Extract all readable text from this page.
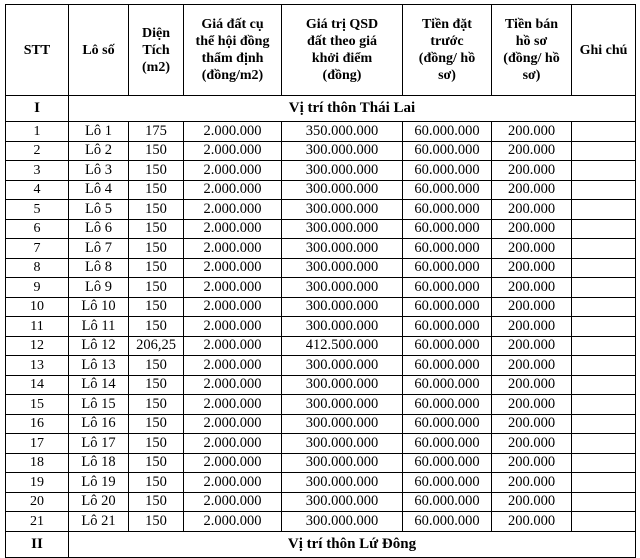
STT	Lô số	Diện
Tích
(m2)	Giá đất cụ
thể hội đồng
thẩm định
(đồng/m2)	Giá trị QSD
đất theo giá
khởi điểm
(đồng)	Tiền đặt
trước
(đồng/ hồ
sơ)	Tiền bán
hồ sơ
(đồng/ hồ
sơ)	Ghi chú

I	Vị trí thôn Thái Lai						
1	Lô 1	175	2.000.000	350.000.000	60.000.000	200.000	
2	Lô 2	150	2.000.000	300.000.000	60.000.000	200.000	
3	Lô 3	150	2.000.000	300.000.000	60.000.000	200.000	
4	Lô 4	150	2.000.000	300.000.000	60.000.000	200.000	
5	Lô 5	150	2.000.000	300.000.000	60.000.000	200.000	
6	Lô 6	150	2.000.000	300.000.000	60.000.000	200.000	
7	Lô 7	150	2.000.000	300.000.000	60.000.000	200.000	
8	Lô 8	150	2.000.000	300.000.000	60.000.000	200.000	
9	Lô 9	150	2.000.000	300.000.000	60.000.000	200.000	
10	Lô 10	150	2.000.000	300.000.000	60.000.000	200.000	
11	Lô 11	150	2.000.000	300.000.000	60.000.000	200.000	
12	Lô 12	206,25	2.000.000	412.500.000	60.000.000	200.000	
13	Lô 13	150	2.000.000	300.000.000	60.000.000	200.000	
14	Lô 14	150	2.000.000	300.000.000	60.000.000	200.000	
15	Lô 15	150	2.000.000	300.000.000	60.000.000	200.000	
16	Lô 16	150	2.000.000	300.000.000	60.000.000	200.000	
17	Lô 17	150	2.000.000	300.000.000	60.000.000	200.000	
18	Lô 18	150	2.000.000	300.000.000	60.000.000	200.000	
19	Lô 19	150	2.000.000	300.000.000	60.000.000	200.000	
20	Lô 20	150	2.000.000	300.000.000	60.000.000	200.000	
21	Lô 21	150	2.000.000	300.000.000	60.000.000	200.000	
II	Vị trí thôn Lứ Đông						
